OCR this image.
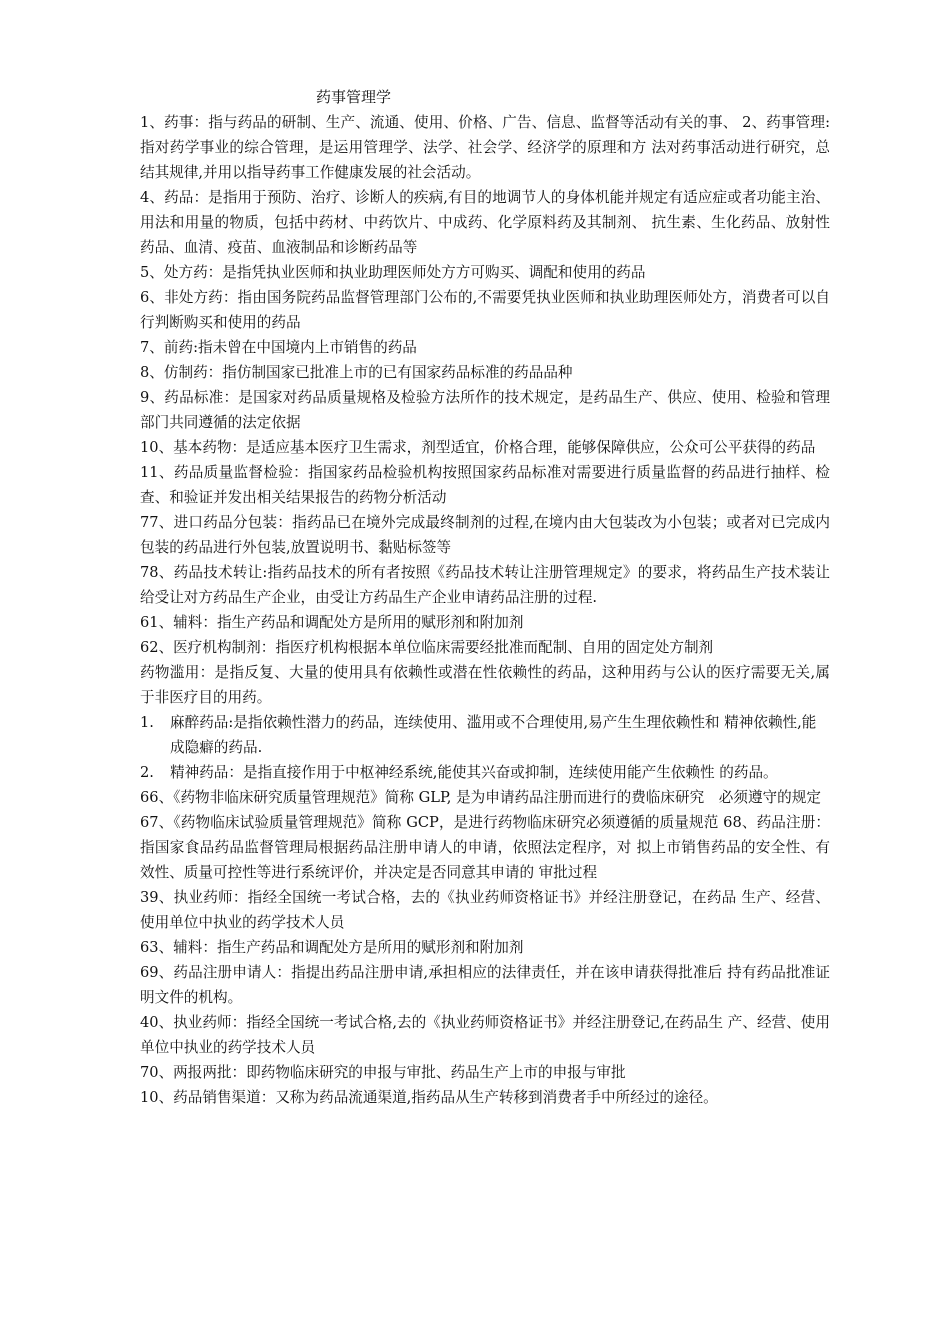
药事管理学

1、药事：指与药品的研制、生产、流通、使用、价格、广告、信息、监督等活动有关的事、 2、药事管理:指对药学事业的综合管理，是运用管理学、法学、社会学、经济学的原理和方 法对药事活动进行研究，总结其规律,并用以指导药事工作健康发展的社会活动。

4、药品：是指用于预防、治疗、诊断人的疾病,有目的地调节人的身体机能并规定有适应症或者功能主治、用法和用量的物质，包括中药材、中药饮片、中成药、化学原料药及其制剂、 抗生素、生化药品、放射性药品、血清、疫苗、血液制品和诊断药品等

5、处方药：是指凭执业医师和执业助理医师处方方可购买、调配和使用的药品

6、非处方药：指由国务院药品监督管理部门公布的,不需要凭执业医师和执业助理医师处方，消费者可以自行判断购买和使用的药品

7、前药:指未曾在中国境内上市销售的药品

8、仿制药：指仿制国家已批准上市的已有国家药品标准的药品品种

9、药品标准：是国家对药品质量规格及检验方法所作的技术规定，是药品生产、供应、使用、检验和管理部门共同遵循的法定依据

10、基本药物：是适应基本医疗卫生需求，剂型适宜，价格合理，能够保障供应，公众可公平获得的药品

11、药品质量监督检验：指国家药品检验机构按照国家药品标准对需要进行质量监督的药品进行抽样、检查、和验证并发出相关结果报告的药物分析活动

77、进口药品分包装：指药品已在境外完成最终制剂的过程,在境内由大包装改为小包装；或者对已完成内包装的药品进行外包装,放置说明书、黏贴标签等

78、药品技术转让:指药品技术的所有者按照《药品技术转让注册管理规定》的要求，将药品生产技术装让给受让对方药品生产企业，由受让方药品生产企业申请药品注册的过程.

61、辅料：指生产药品和调配处方是所用的赋形剂和附加剂

62、医疗机构制剂：指医疗机构根据本单位临床需要经批准而配制、自用的固定处方制剂

药物滥用：是指反复、大量的使用具有依赖性或潜在性依赖性的药品，这种用药与公认的医疗需要无关,属于非医疗目的用药。

1.	麻醉药品:是指依赖性潜力的药品，连续使用、滥用或不合理使用,易产生生理依赖性和 精神依赖性,能成隐癖的药品.
2.	精神药品：是指直接作用于中枢神经系统,能使其兴奋或抑制，连续使用能产生依赖性 的药品。

66、《药物非临床研究质量管理规范》简称 GLP, 是为申请药品注册而进行的费临床研究　必须遵守的规定

67、《药物临床试验质量管理规范》简称 GCP，是进行药物临床研究必须遵循的质量规范 68、药品注册：指国家食品药品监督管理局根据药品注册申请人的申请，依照法定程序，对 拟上市销售药品的安全性、有效性、质量可控性等进行系统评价，并决定是否同意其申请的 审批过程

39、执业药师：指经全国统一考试合格，去的《执业药师资格证书》并经注册登记，在药品 生产、经营、使用单位中执业的药学技术人员

63、辅料：指生产药品和调配处方是所用的赋形剂和附加剂

69、药品注册申请人：指提出药品注册申请,承担相应的法律责任，并在该申请获得批准后 持有药品批准证明文件的机构。

40、执业药师：指经全国统一考试合格,去的《执业药师资格证书》并经注册登记,在药品生 产、经营、使用单位中执业的药学技术人员

70、两报两批：即药物临床研究的申报与审批、药品生产上市的申报与审批

10、药品销售渠道：又称为药品流通渠道,指药品从生产转移到消费者手中所经过的途径。
